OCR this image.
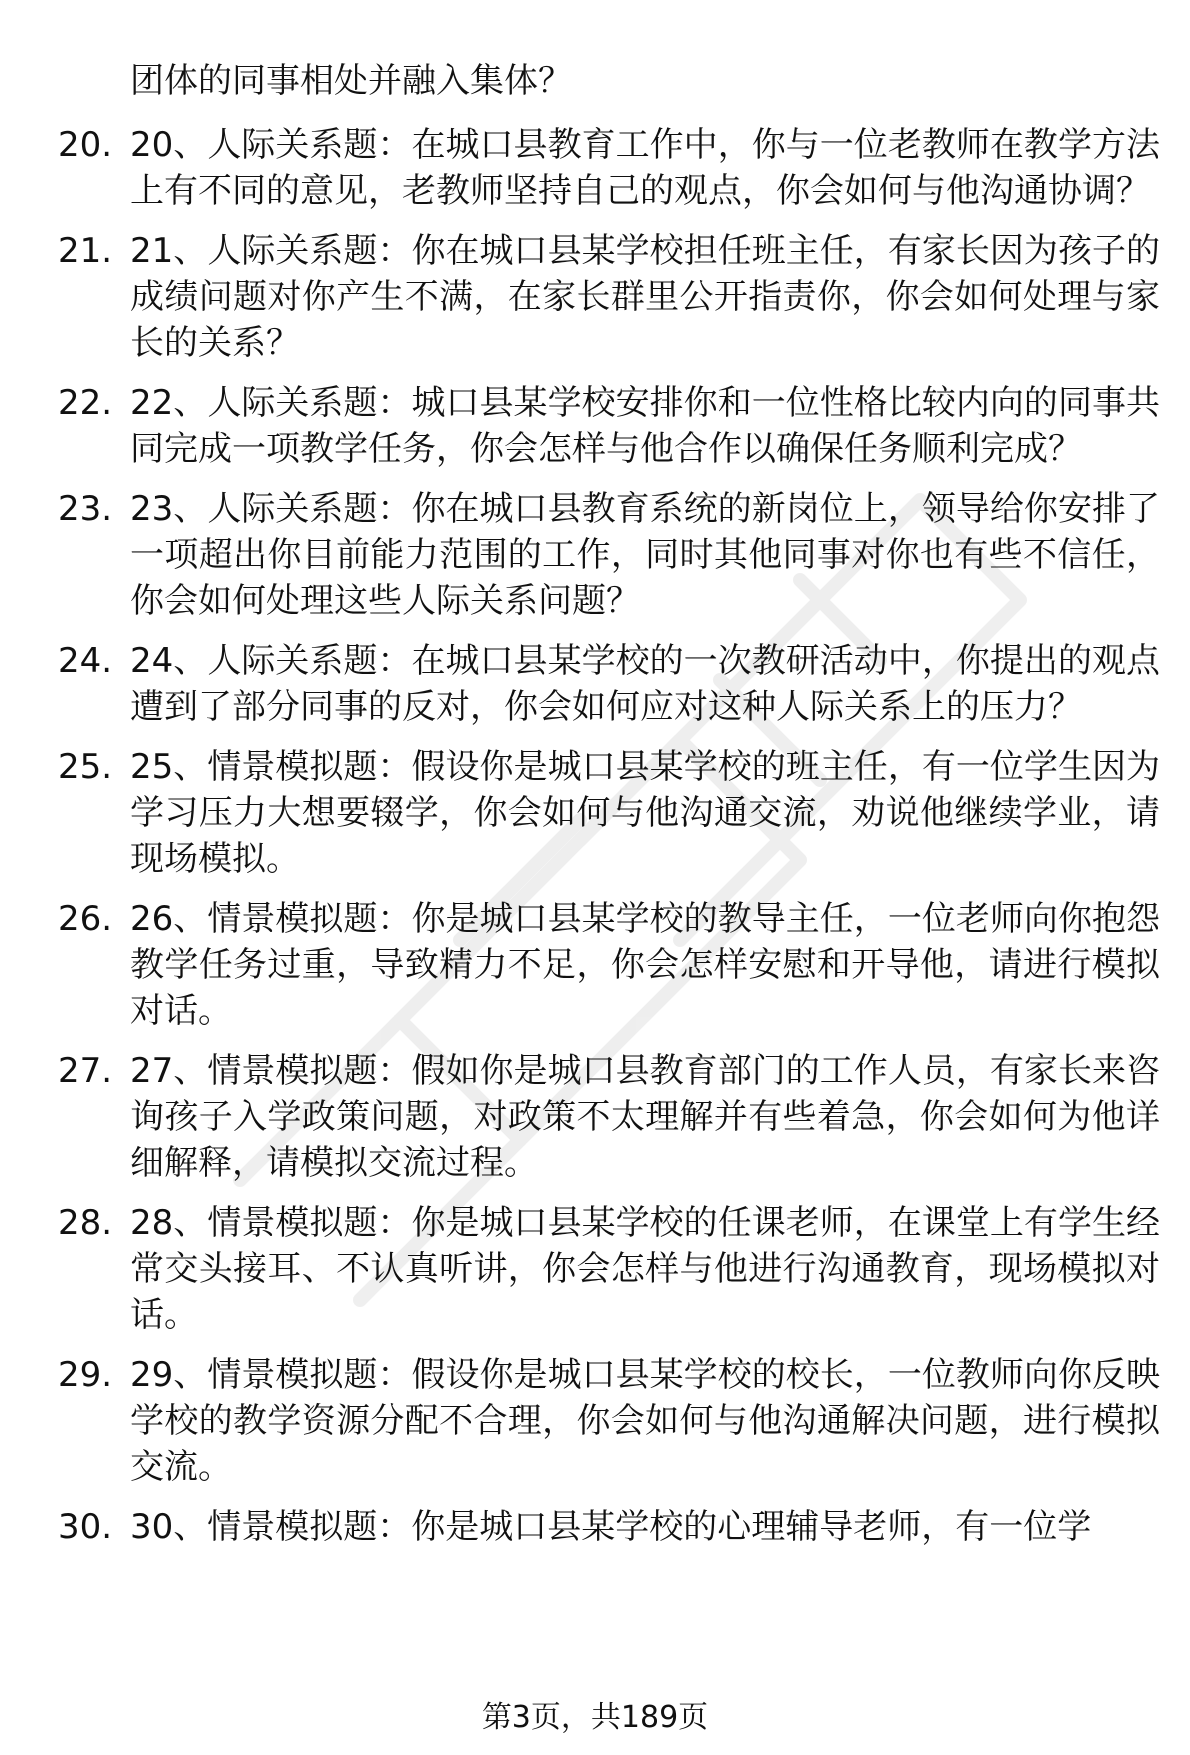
团体的同事相处并融入集体？
20. 20、人际关系题：在城口县教育工作中，你与一位老教师在教学方法上有不同的意见，老教师坚持自己的观点，你会如何与他沟通协调？
21. 21、人际关系题：你在城口县某学校担任班主任，有家长因为孩子的成绩问题对你产生不满，在家长群里公开指责你，你会如何处理与家长的关系？
22. 22、人际关系题：城口县某学校安排你和一位性格比较内向的同事共同完成一项教学任务，你会怎样与他合作以确保任务顺利完成？
23. 23、人际关系题：你在城口县教育系统的新岗位上，领导给你安排了一项超出你目前能力范围的工作，同时其他同事对你也有些不信任，你会如何处理这些人际关系问题？
24. 24、人际关系题：在城口县某学校的一次教研活动中，你提出的观点遭到了部分同事的反对，你会如何应对这种人际关系上的压力？
25. 25、情景模拟题：假设你是城口县某学校的班主任，有一位学生因为学习压力大想要辍学，你会如何与他沟通交流，劝说他继续学业，请现场模拟。
26. 26、情景模拟题：你是城口县某学校的教导主任，一位老师向你抱怨教学任务过重，导致精力不足，你会怎样安慰和开导他，请进行模拟对话。
27. 27、情景模拟题：假如你是城口县教育部门的工作人员，有家长来咨询孩子入学政策问题，对政策不太理解并有些着急，你会如何为他详细解释，请模拟交流过程。
28. 28、情景模拟题：你是城口县某学校的任课老师，在课堂上有学生经常交头接耳、不认真听讲，你会怎样与他进行沟通教育，现场模拟对话。
29. 29、情景模拟题：假设你是城口县某学校的校长，一位教师向你反映学校的教学资源分配不合理，你会如何与他沟通解决问题，进行模拟交流。
30. 30、情景模拟题：你是城口县某学校的心理辅导老师，有一位学
第3页，共189页
